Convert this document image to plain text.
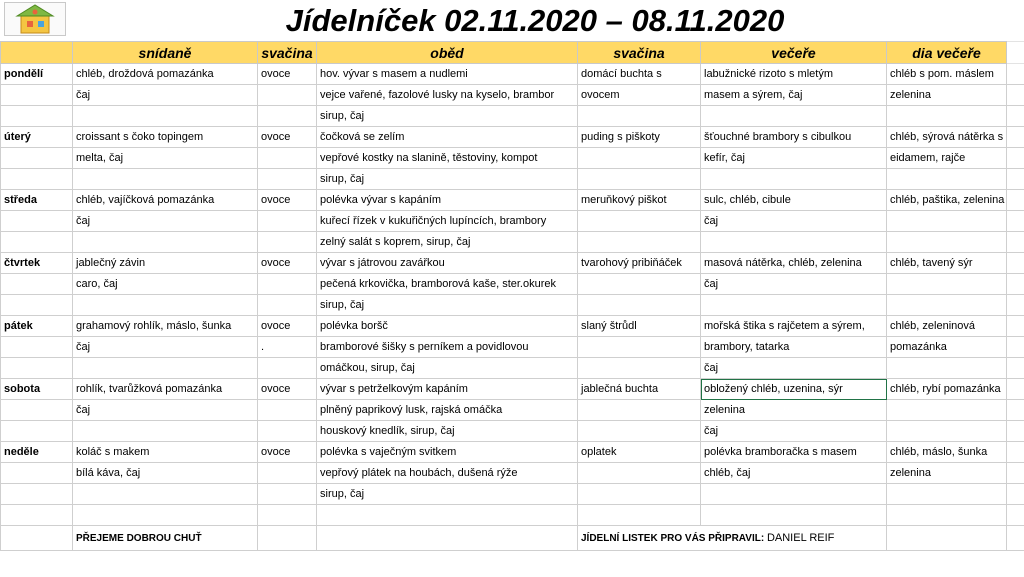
Jídelníček 02.11.2020 – 08.11.2020
	snídaně	svačina	oběd	svačina	večeře	dia večeře	
pondělí	chléb, droždová pomazánka	ovoce	hov. vývar s masem a nudlemi	domácí buchta s	labužnické rizoto s mletým	chléb s pom. máslem	
	čaj		vejce vařené, fazolové lusky na kyselo, brambor	ovocem	masem a sýrem, čaj	zelenina	
			sirup, čaj				
úterý	croissant s čoko topingem	ovoce	čočková se zelím	puding s piškoty	šťouchné brambory s cibulkou	chléb, sýrová nátěrka s	
	melta, čaj		vepřové kostky na slanině, těstoviny, kompot		kefír, čaj	eidamem, rajče	
			sirup, čaj				
středa	chléb, vajíčková pomazánka	ovoce	polévka vývar s kapáním	meruňkový piškot	sulc, chléb, cibule	chléb, paštika, zelenina	
	čaj		kuřecí řízek v kukuřičných lupíncích, brambory		čaj		
			zelný salát s koprem, sirup, čaj				
čtvrtek	jablečný závin	ovoce	vývar s játrovou zavářkou	tvarohový pribiňáček	masová nátěrka, chléb, zelenina	chléb, tavený sýr	
	caro, čaj		pečená krkovička, bramborová kaše, ster.okurek		čaj		
			sirup, čaj				
pátek	grahamový rohlík, máslo, šunka	ovoce	polévka boršč	slaný štrůdl	mořská štika s rajčetem a sýrem,	chléb, zeleninová	
	čaj	.	bramborové šišky s perníkem a povidlovou		brambory, tatarka	pomazánka	
			omáčkou, sirup, čaj		čaj		
sobota	rohlík, tvarůžková pomazánka	ovoce	vývar s petrželkovým kapáním	jablečná buchta	obložený chléb, uzenina, sýr	chléb, rybí pomazánka	
	čaj		plněný paprikový lusk, rajská omáčka		zelenina		
			houskový knedlík, sirup, čaj		čaj		
neděle	koláč s makem	ovoce	polévka s vaječným svitkem	oplatek	polévka bramboračka s masem	chléb, máslo, šunka	
	bílá káva, čaj		vepřový plátek na houbách, dušená rýže		chléb, čaj	zelenina	
			sirup, čaj				

	PŘEJEME DOBROU CHUŤ			JÍDELNÍ LISTEK PRO VÁS PŘIPRAVIL: DANIEL REIF			
